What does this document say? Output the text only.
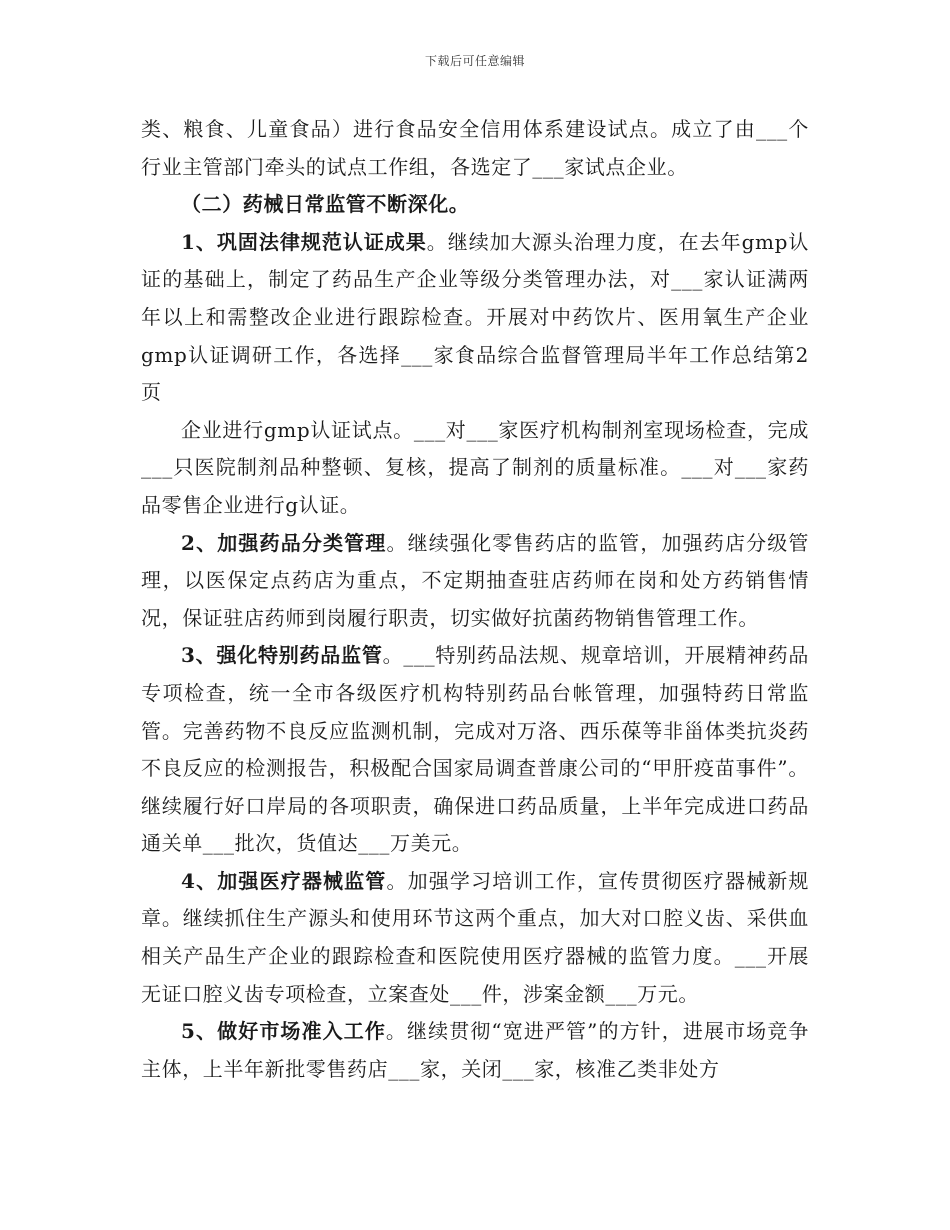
下载后可任意编辑

类、粮食、儿童食品）进行食品安全信用体系建设试点。成立了由___个行业主管部门牵头的试点工作组，各选定了___家试点企业。

（二）药械日常监管不断深化。

1、巩固法律规范认证成果。继续加大源头治理力度，在去年gmp认证的基础上，制定了药品生产企业等级分类管理办法，对___家认证满两年以上和需整改企业进行跟踪检查。开展对中药饮片、医用氧生产企业gmp认证调研工作，各选择___家食品综合监督管理局半年工作总结第2页

企业进行gmp认证试点。___对___家医疗机构制剂室现场检查，完成___只医院制剂品种整顿、复核，提高了制剂的质量标准。___对___家药品零售企业进行g认证。

2、加强药品分类管理。继续强化零售药店的监管，加强药店分级管理，以医保定点药店为重点，不定期抽查驻店药师在岗和处方药销售情况，保证驻店药师到岗履行职责，切实做好抗菌药物销售管理工作。

3、强化特别药品监管。___特别药品法规、规章培训，开展精神药品专项检查，统一全市各级医疗机构特别药品台帐管理，加强特药日常监管。完善药物不良反应监测机制，完成对万洛、西乐葆等非甾体类抗炎药不良反应的检测报告，积极配合国家局调查普康公司的“甲肝疫苗事件”。继续履行好口岸局的各项职责，确保进口药品质量，上半年完成进口药品通关单___批次，货值达___万美元。

4、加强医疗器械监管。加强学习培训工作，宣传贯彻医疗器械新规章。继续抓住生产源头和使用环节这两个重点，加大对口腔义齿、采供血相关产品生产企业的跟踪检查和医院使用医疗器械的监管力度。___开展无证口腔义齿专项检查，立案查处___件，涉案金额___万元。

5、做好市场准入工作。继续贯彻“宽进严管”的方针，进展市场竞争主体，上半年新批零售药店___家，关闭___家，核准乙类非处方
